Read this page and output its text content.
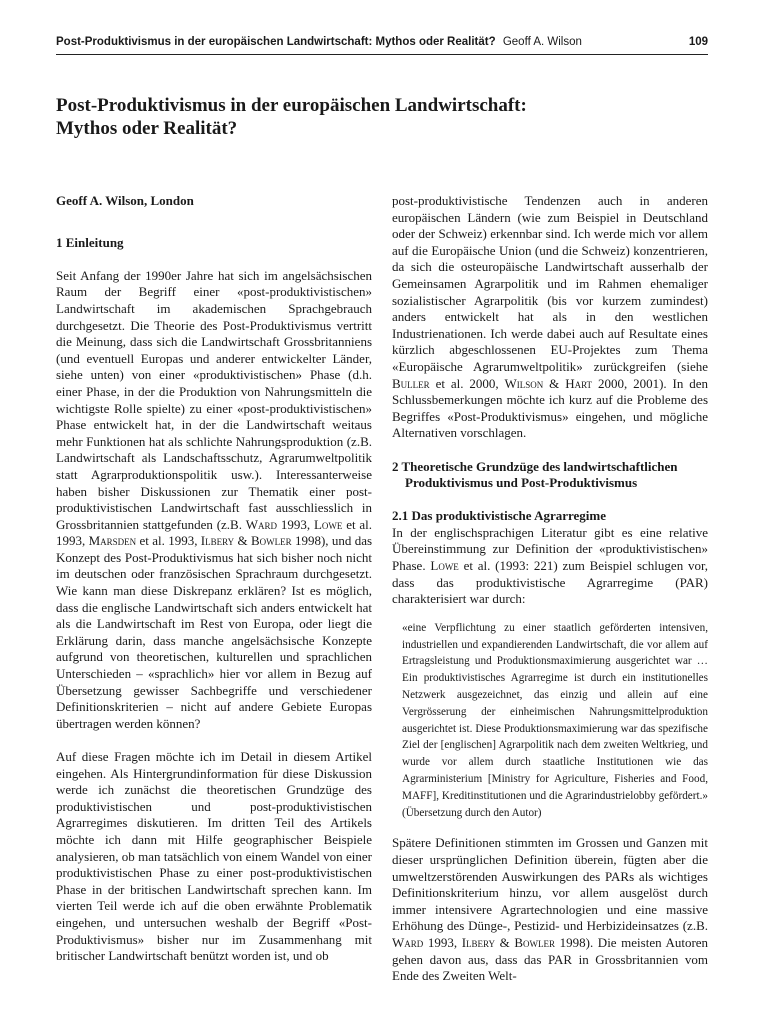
Post-Produktivismus in der europäischen Landwirtschaft: Mythos oder Realität? Geoff A. Wilson	109
Post-Produktivismus in der europäischen Landwirtschaft:
Mythos oder Realität?

Geoff A. Wilson, London

1 Einleitung

Seit Anfang der 1990er Jahre hat sich im angelsächsischen Raum der Begriff einer «post-produktivistischen» Landwirtschaft im akademischen Sprachgebrauch durchgesetzt. Die Theorie des Post-Produktivismus vertritt die Meinung, dass sich die Landwirtschaft Grossbritanniens (und eventuell Europas und anderer entwickelter Länder, siehe unten) von einer «produktivistischen» Phase (d.h. einer Phase, in der die Produktion von Nahrungsmitteln die wichtigste Rolle spielte) zu einer «post-produktivistischen» Phase entwickelt hat, in der die Landwirtschaft weitaus mehr Funktionen hat als schlichte Nahrungsproduktion (z.B. Landwirtschaft als Landschaftsschutz, Agrarumweltpolitik statt Agrarproduktionspolitik usw.). Interessanterweise haben bisher Diskussionen zur Thematik einer post-produktivistischen Landwirtschaft fast ausschliesslich in Grossbritannien stattgefunden (z.B. Ward 1993, Lowe et al. 1993, Marsden et al. 1993, Ilbery & Bowler 1998), und das Konzept des Post-Produktivismus hat sich bisher noch nicht im deutschen oder französischen Sprachraum durchgesetzt. Wie kann man diese Diskrepanz erklären? Ist es möglich, dass die englische Landwirtschaft sich anders entwickelt hat als die Landwirtschaft im Rest von Europa, oder liegt die Erklärung darin, dass manche angelsächsische Konzepte aufgrund von theoretischen, kulturellen und sprachlichen Unterschieden – «sprachlich» hier vor allem in Bezug auf Übersetzung gewisser Sachbegriffe und verschiedener Definitionskriterien – nicht auf andere Gebiete Europas übertragen werden können?

Auf diese Fragen möchte ich im Detail in diesem Artikel eingehen. Als Hintergrundinformation für diese Diskussion werde ich zunächst die theoretischen Grundzüge des produktivistischen und post-produktivistischen Agrarregimes diskutieren. Im dritten Teil des Artikels möchte ich dann mit Hilfe geographischer Beispiele analysieren, ob man tatsächlich von einem Wandel von einer produktivistischen Phase zu einer post-produktivistischen Phase in der britischen Landwirtschaft sprechen kann. Im vierten Teil werde ich auf die oben erwähnte Problematik eingehen, und untersuchen weshalb der Begriff «Post-Produktivismus» bisher nur im Zusammenhang mit britischer Landwirtschaft benützt worden ist, und ob

post-produktivistische Tendenzen auch in anderen europäischen Ländern (wie zum Beispiel in Deutschland oder der Schweiz) erkennbar sind. Ich werde mich vor allem auf die Europäische Union (und die Schweiz) konzentrieren, da sich die osteuropäische Landwirtschaft ausserhalb der Gemeinsamen Agrarpolitik und im Rahmen ehemaliger sozialistischer Agrarpolitik (bis vor kurzem zumindest) anders entwickelt hat als in den westlichen Industrienationen. Ich werde dabei auch auf Resultate eines kürzlich abgeschlossenen EU-Projektes zum Thema «Europäische Agrarumweltpolitik» zurückgreifen (siehe Buller et al. 2000, Wilson & Hart 2000, 2001). In den Schlussbemerkungen möchte ich kurz auf die Probleme des Begriffes «Post-Produktivismus» eingehen, und mögliche Alternativen vorschlagen.

2 Theoretische Grundzüge des landwirtschaftlichen Produktivismus und Post-Produktivismus

2.1 Das produktivistische Agrarregime

In der englischsprachigen Literatur gibt es eine relative Übereinstimmung zur Definition der «produktivistischen» Phase. Lowe et al. (1993: 221) zum Beispiel schlugen vor, dass das produktivistische Agrarregime (PAR) charakterisiert war durch:

«eine Verpflichtung zu einer staatlich geförderten intensiven, industriellen und expandierenden Landwirtschaft, die vor allem auf Ertragsleistung und Produktionsmaximierung ausgerichtet war … Ein produktivistisches Agrarregime ist durch ein institutionelles Netzwerk ausgezeichnet, das einzig und allein auf eine Vergrösserung der einheimischen Nahrungsmittelproduktion ausgerichtet ist. Diese Produktionsmaximierung war das spezifische Ziel der [englischen] Agrarpolitik nach dem zweiten Weltkrieg, und wurde vor allem durch staatliche Institutionen wie das Agrarministerium [Ministry for Agriculture, Fisheries and Food, MAFF], Kreditinstitutionen und die Agrarindustrielobby gefördert.» (Übersetzung durch den Autor)

Spätere Definitionen stimmten im Grossen und Ganzen mit dieser ursprünglichen Definition überein, fügten aber die umweltzerstörenden Auswirkungen des PARs als wichtiges Definitionskriterium hinzu, vor allem ausgelöst durch immer intensivere Agrartechnologien und eine massive Erhöhung des Dünge-, Pestizid- und Herbizideinsatzes (z.B. Ward 1993, Ilbery & Bowler 1998). Die meisten Autoren gehen davon aus, dass das PAR in Grossbritannien vom Ende des Zweiten Welt-
